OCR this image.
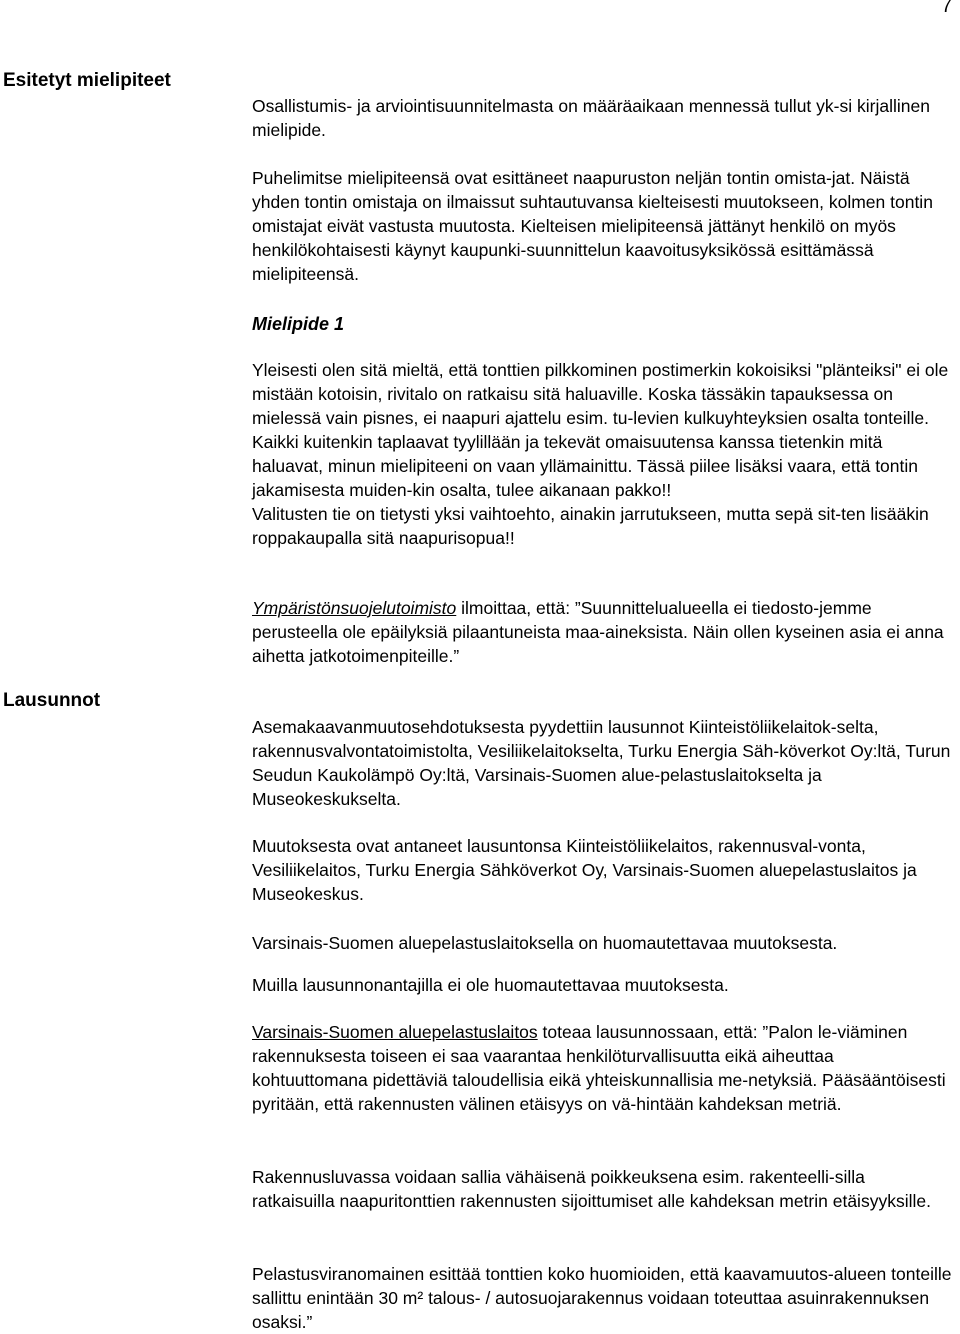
7
Esitetyt mielipiteet
Lausunnot

Osallistumis- ja arviointisuunnitelmasta on määräaikaan mennessä tullut yk-si kirjallinen mielipide.

Puhelimitse mielipiteensä ovat esittäneet naapuruston neljän tontin omista-jat. Näistä yhden tontin omistaja on ilmaissut suhtautuvansa kielteisesti muutokseen, kolmen tontin omistajat eivät vastusta muutosta. Kielteisen mielipiteensä jättänyt henkilö on myös henkilökohtaisesti käynyt kaupunki-suunnittelun kaavoitusyksikössä esittämässä mielipiteensä.

Mielipide 1

Yleisesti olen sitä mieltä, että tonttien pilkkominen postimerkin kokoisiksi "plänteiksi" ei ole mistään kotoisin, rivitalo on ratkaisu sitä haluaville. Koska tässäkin tapauksessa on mielessä vain pisnes, ei naapuri ajattelu esim. tu-levien kulkuyhteyksien osalta tonteille. Kaikki kuitenkin taplaavat tyylillään ja tekevät omaisuutensa kanssa tietenkin mitä haluavat, minun mielipiteeni on vaan yllämainittu. Tässä piilee lisäksi vaara, että tontin jakamisesta muiden-kin osalta, tulee aikanaan pakko!!

Valitusten tie on tietysti yksi vaihtoehto, ainakin jarrutukseen, mutta sepä sit-ten lisääkin roppakaupalla sitä naapurisopua!!

Ympäristönsuojelutoimisto ilmoittaa, että: ”Suunnittelualueella ei tiedosto-jemme perusteella ole epäilyksiä pilaantuneista maa-aineksista. Näin ollen kyseinen asia ei anna aihetta jatkotoimenpiteille.”

Asemakaavanmuutosehdotuksesta pyydettiin lausunnot Kiinteistöliikelaitok-selta, rakennusvalvontatoimistolta, Vesiliikelaitokselta, Turku Energia Säh-köverkot Oy:ltä, Turun Seudun Kaukolämpö Oy:ltä, Varsinais-Suomen alue-pelastuslaitokselta ja Museokeskukselta.

Muutoksesta ovat antaneet lausuntonsa Kiinteistöliikelaitos, rakennusval-vonta, Vesiliikelaitos, Turku Energia Sähköverkot Oy, Varsinais-Suomen aluepelastuslaitos ja Museokeskus.

Varsinais-Suomen aluepelastuslaitoksella on huomautettavaa muutoksesta.

Muilla lausunnonantajilla ei ole huomautettavaa muutoksesta.

Varsinais-Suomen aluepelastuslaitos toteaa lausunnossaan, että: ”Palon le-viäminen rakennuksesta toiseen ei saa vaarantaa henkilöturvallisuutta eikä aiheuttaa kohtuuttomana pidettäviä taloudellisia eikä yhteiskunnallisia me-netyksiä. Pääsääntöisesti pyritään, että rakennusten välinen etäisyys on vä-hintään kahdeksan metriä.

Rakennusluvassa voidaan sallia vähäisenä poikkeuksena esim. rakenteelli-silla ratkaisuilla naapuritonttien rakennusten sijoittumiset alle kahdeksan metrin etäisyyksille.

Pelastusviranomainen esittää tonttien koko huomioiden, että kaavamuutos-alueen tonteille sallittu enintään 30 m² talous- / autosuojarakennus voidaan toteuttaa asuinrakennuksen osaksi.”
